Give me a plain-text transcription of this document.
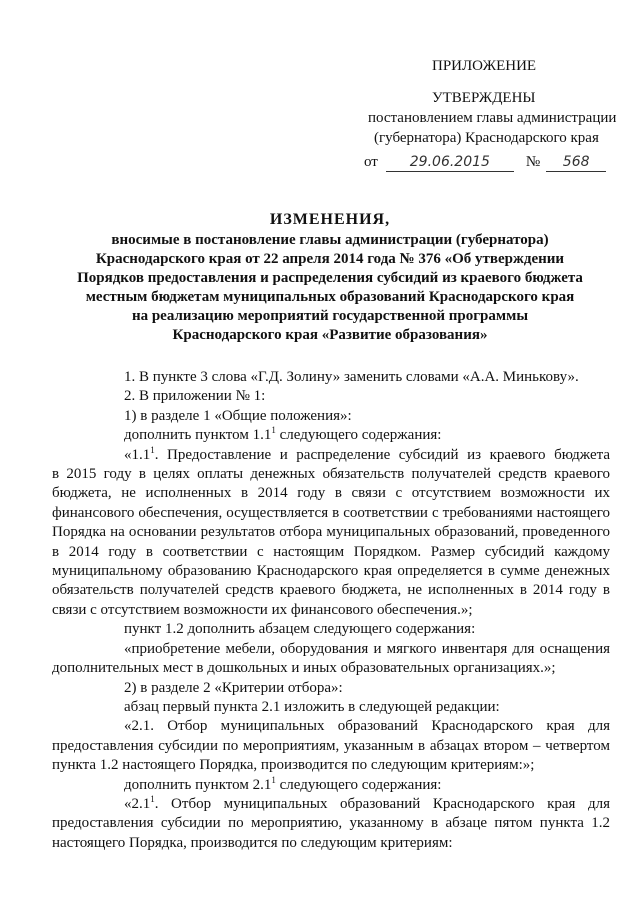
ПРИЛОЖЕНИЕ
УТВЕРЖДЕНЫ
постановлением главы администрации
(губернатора) Краснодарского края
от	29.06.2015	№	568
ИЗМЕНЕНИЯ,
вносимые в постановление главы администрации (губернатора)
Краснодарского края от 22 апреля 2014 года № 376 «Об утверждении
Порядков предоставления и распределения субсидий из краевого бюджета
местным бюджетам муниципальных образований Краснодарского края
на реализацию мероприятий государственной программы
Краснодарского края «Развитие образования»

1. В пункте 3 слова «Г.Д. Золину» заменить словами «А.А. Минькову».

2. В приложении № 1:

1) в разделе 1 «Общие положения»:

дополнить пунктом $1.1^1$ следующего содержания:

«$1.1^1$. Предоставление и распределение субсидий из краевого бюджета

в 2015 году в целях оплаты денежных обязательств получателей средств краевого бюджета, не исполненных в 2014 году в связи с отсутствием возможности их финансового обеспечения, осуществляется в соответствии с требованиями настоящего Порядка на основании результатов отбора муниципальных образований, проведенного в 2014 году в соответствии с настоящим Порядком. Размер субсидий каждому муниципальному образованию Краснодарского края определяется в сумме денежных обязательств получателей средств краевого бюджета, не исполненных в 2014 году в связи с отсутствием возможности их финансового обеспечения.»;

пункт 1.2 дополнить абзацем следующего содержания:

«приобретение мебели, оборудования и мягкого инвентаря для оснащения дополнительных мест в дошкольных и иных образовательных организациях.»;

2) в разделе 2 «Критерии отбора»:

абзац первый пункта 2.1 изложить в следующей редакции:

«2.1. Отбор муниципальных образований Краснодарского края для предоставления субсидии по мероприятиям, указанным в абзацах втором – четвертом пункта 1.2 настоящего Порядка, производится по следующим критериям:»;

дополнить пунктом $2.1^1$ следующего содержания:

«$2.1^1$. Отбор муниципальных образований Краснодарского края для предоставления субсидии по мероприятию, указанному в абзаце пятом пункта 1.2 настоящего Порядка, производится по следующим критериям:
